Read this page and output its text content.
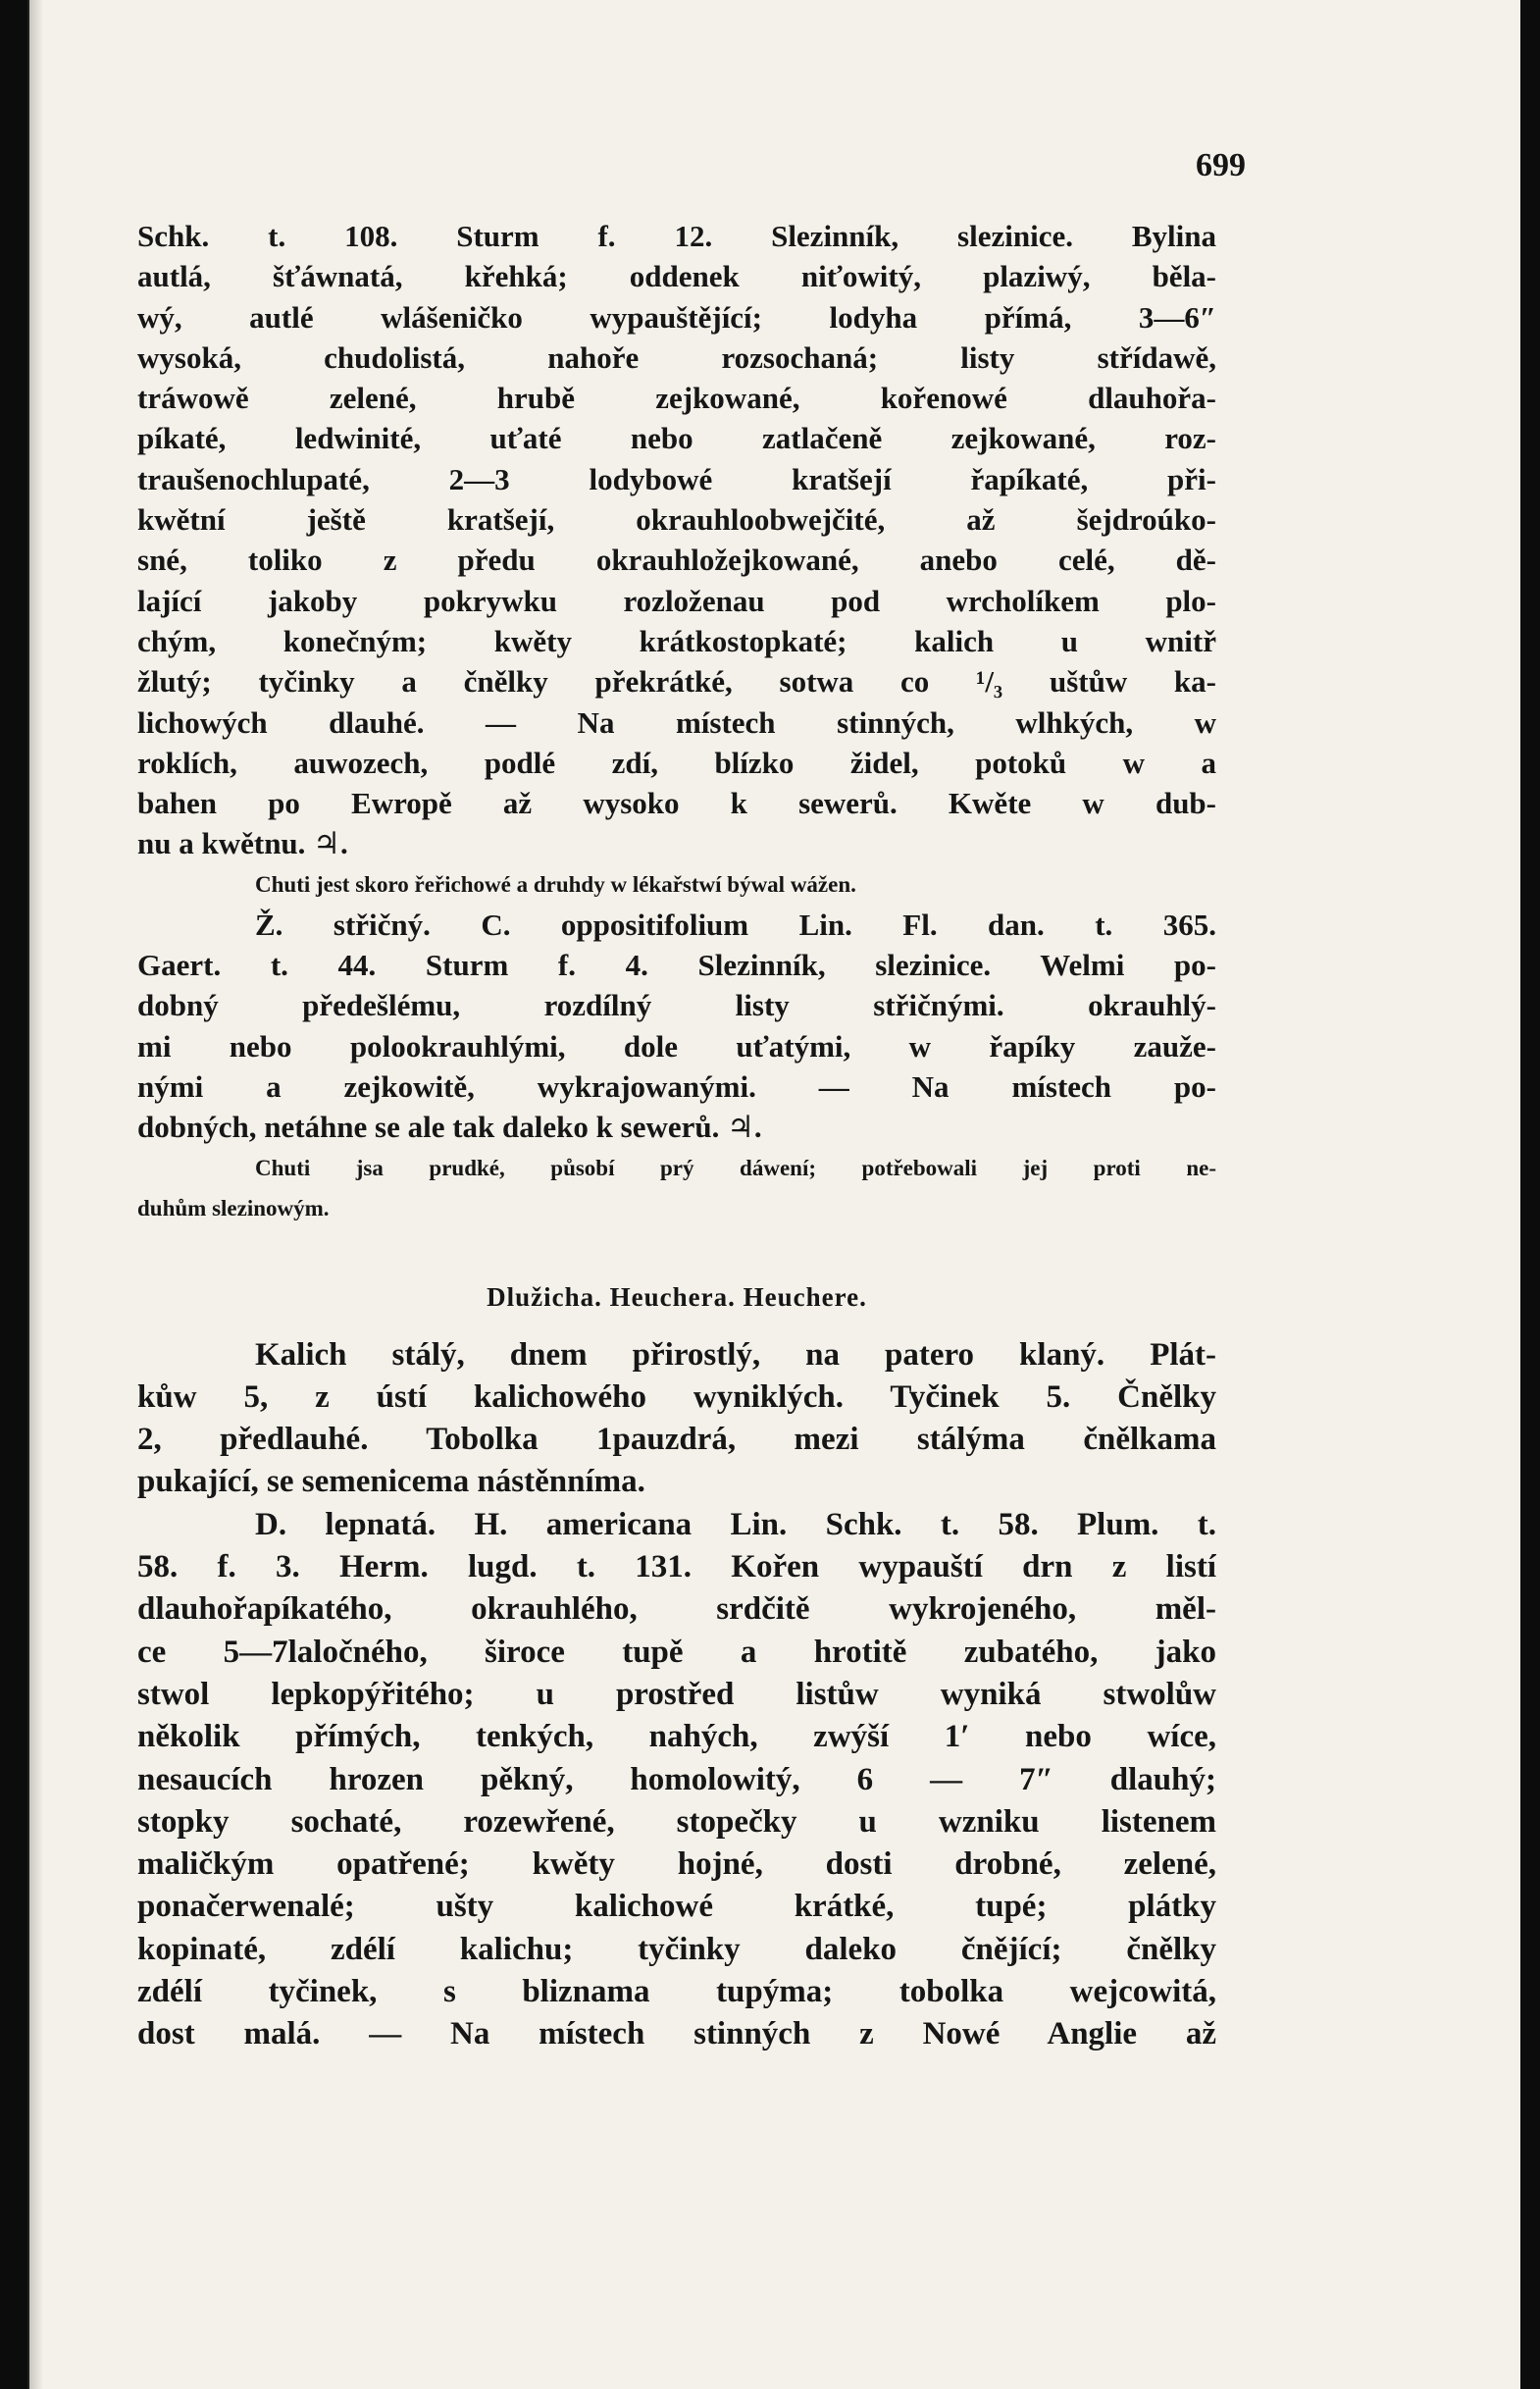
699
Schk. t. 108. Sturm f. 12. Slezinník, slezinice. Bylina
autlá, šťáwnatá, křehká; oddenek niťowitý, plaziwý, běla-
wý, autlé wlášeničko wypauštějící; lodyha přímá, 3—6″
wysoká, chudolistá, nahoře rozsochaná; listy střídawě,
tráwowě zelené, hrubě zejkowané, kořenowé dlauhořa-
píkaté, ledwinité, uťaté nebo zatlačeně zejkowané, roz-
traušenochlupaté, 2—3 lodybowé kratšejí řapíkaté, při-
kwětní ještě kratšejí, okrauhloobwejčité, až šejdroúko-
sné, toliko z předu okrauhložejkowané, anebo celé, dě-
lající jakoby pokrywku rozloženau pod wrcholíkem plo-
chým, konečným; kwěty krátkostopkaté; kalich u wnitř
žlutý; tyčinky a čnělky překrátké, sotwa co ¹/₃ uštůw ka-
lichowých dlauhé. — Na místech stinných, wlhkých, w
roklích, auwozech, podlé zdí, blízko židel, potoků w a
bahen po Ewropě až wysoko k sewerů. Kwěte w dub-
nu a kwětnu. ♃.
Chuti jest skoro řeřichowé a druhdy w lékařstwí býwal wážen.
Ž. střičný. C. oppositifolium Lin. Fl. dan. t. 365.
Gaert. t. 44. Sturm f. 4. Slezinník, slezinice. Welmi po-
dobný předešlému, rozdílný listy střičnými. okrauhlý-
mi nebo polookrauhlými, dole uťatými, w řapíky zauže-
nými a zejkowitě, wykrajowanými. — Na místech po-
dobných, netáhne se ale tak daleko k sewerů. ♃.
Chuti jsa prudké, působí prý dáwení; potřebowali jej proti ne-
duhům slezinowým.
Dlužicha. Heuchera. Heuchere.
Kalich stálý, dnem přirostlý, na patero klaný. Plát-
kůw 5, z ústí kalichowého wyniklých. Tyčinek 5. Čnělky
2, předlauhé. Tobolka 1pauzdrá, mezi stálýma čnělkama
pukající, se semenicema nástěnníma.
D. lepnatá. H. americana Lin. Schk. t. 58. Plum. t.
58. f. 3. Herm. lugd. t. 131. Kořen wypauští drn z listí
dlauhořapíkatého, okrauhlého, srdčitě wykrojeného, měl-
ce 5—7laločného, široce tupě a hrotitě zubatého, jako
stwol lepkopýřitého; u prostřed listůw wyniká stwolůw
několik přímých, tenkých, nahých, zwýší 1′ nebo wíce,
nesaucích hrozen pěkný, homolowitý, 6 — 7″ dlauhý;
stopky sochaté, rozewřené, stopečky u wzniku listenem
maličkým opatřené; kwěty hojné, dosti drobné, zelené,
ponačerwenalé; ušty kalichowé krátké, tupé; plátky
kopinaté, zdélí kalichu; tyčinky daleko čnějící; čnělky
zdélí tyčinek, s bliznama tupýma; tobolka wejcowitá,
dost malá. — Na místech stinných z Nowé Anglie až
